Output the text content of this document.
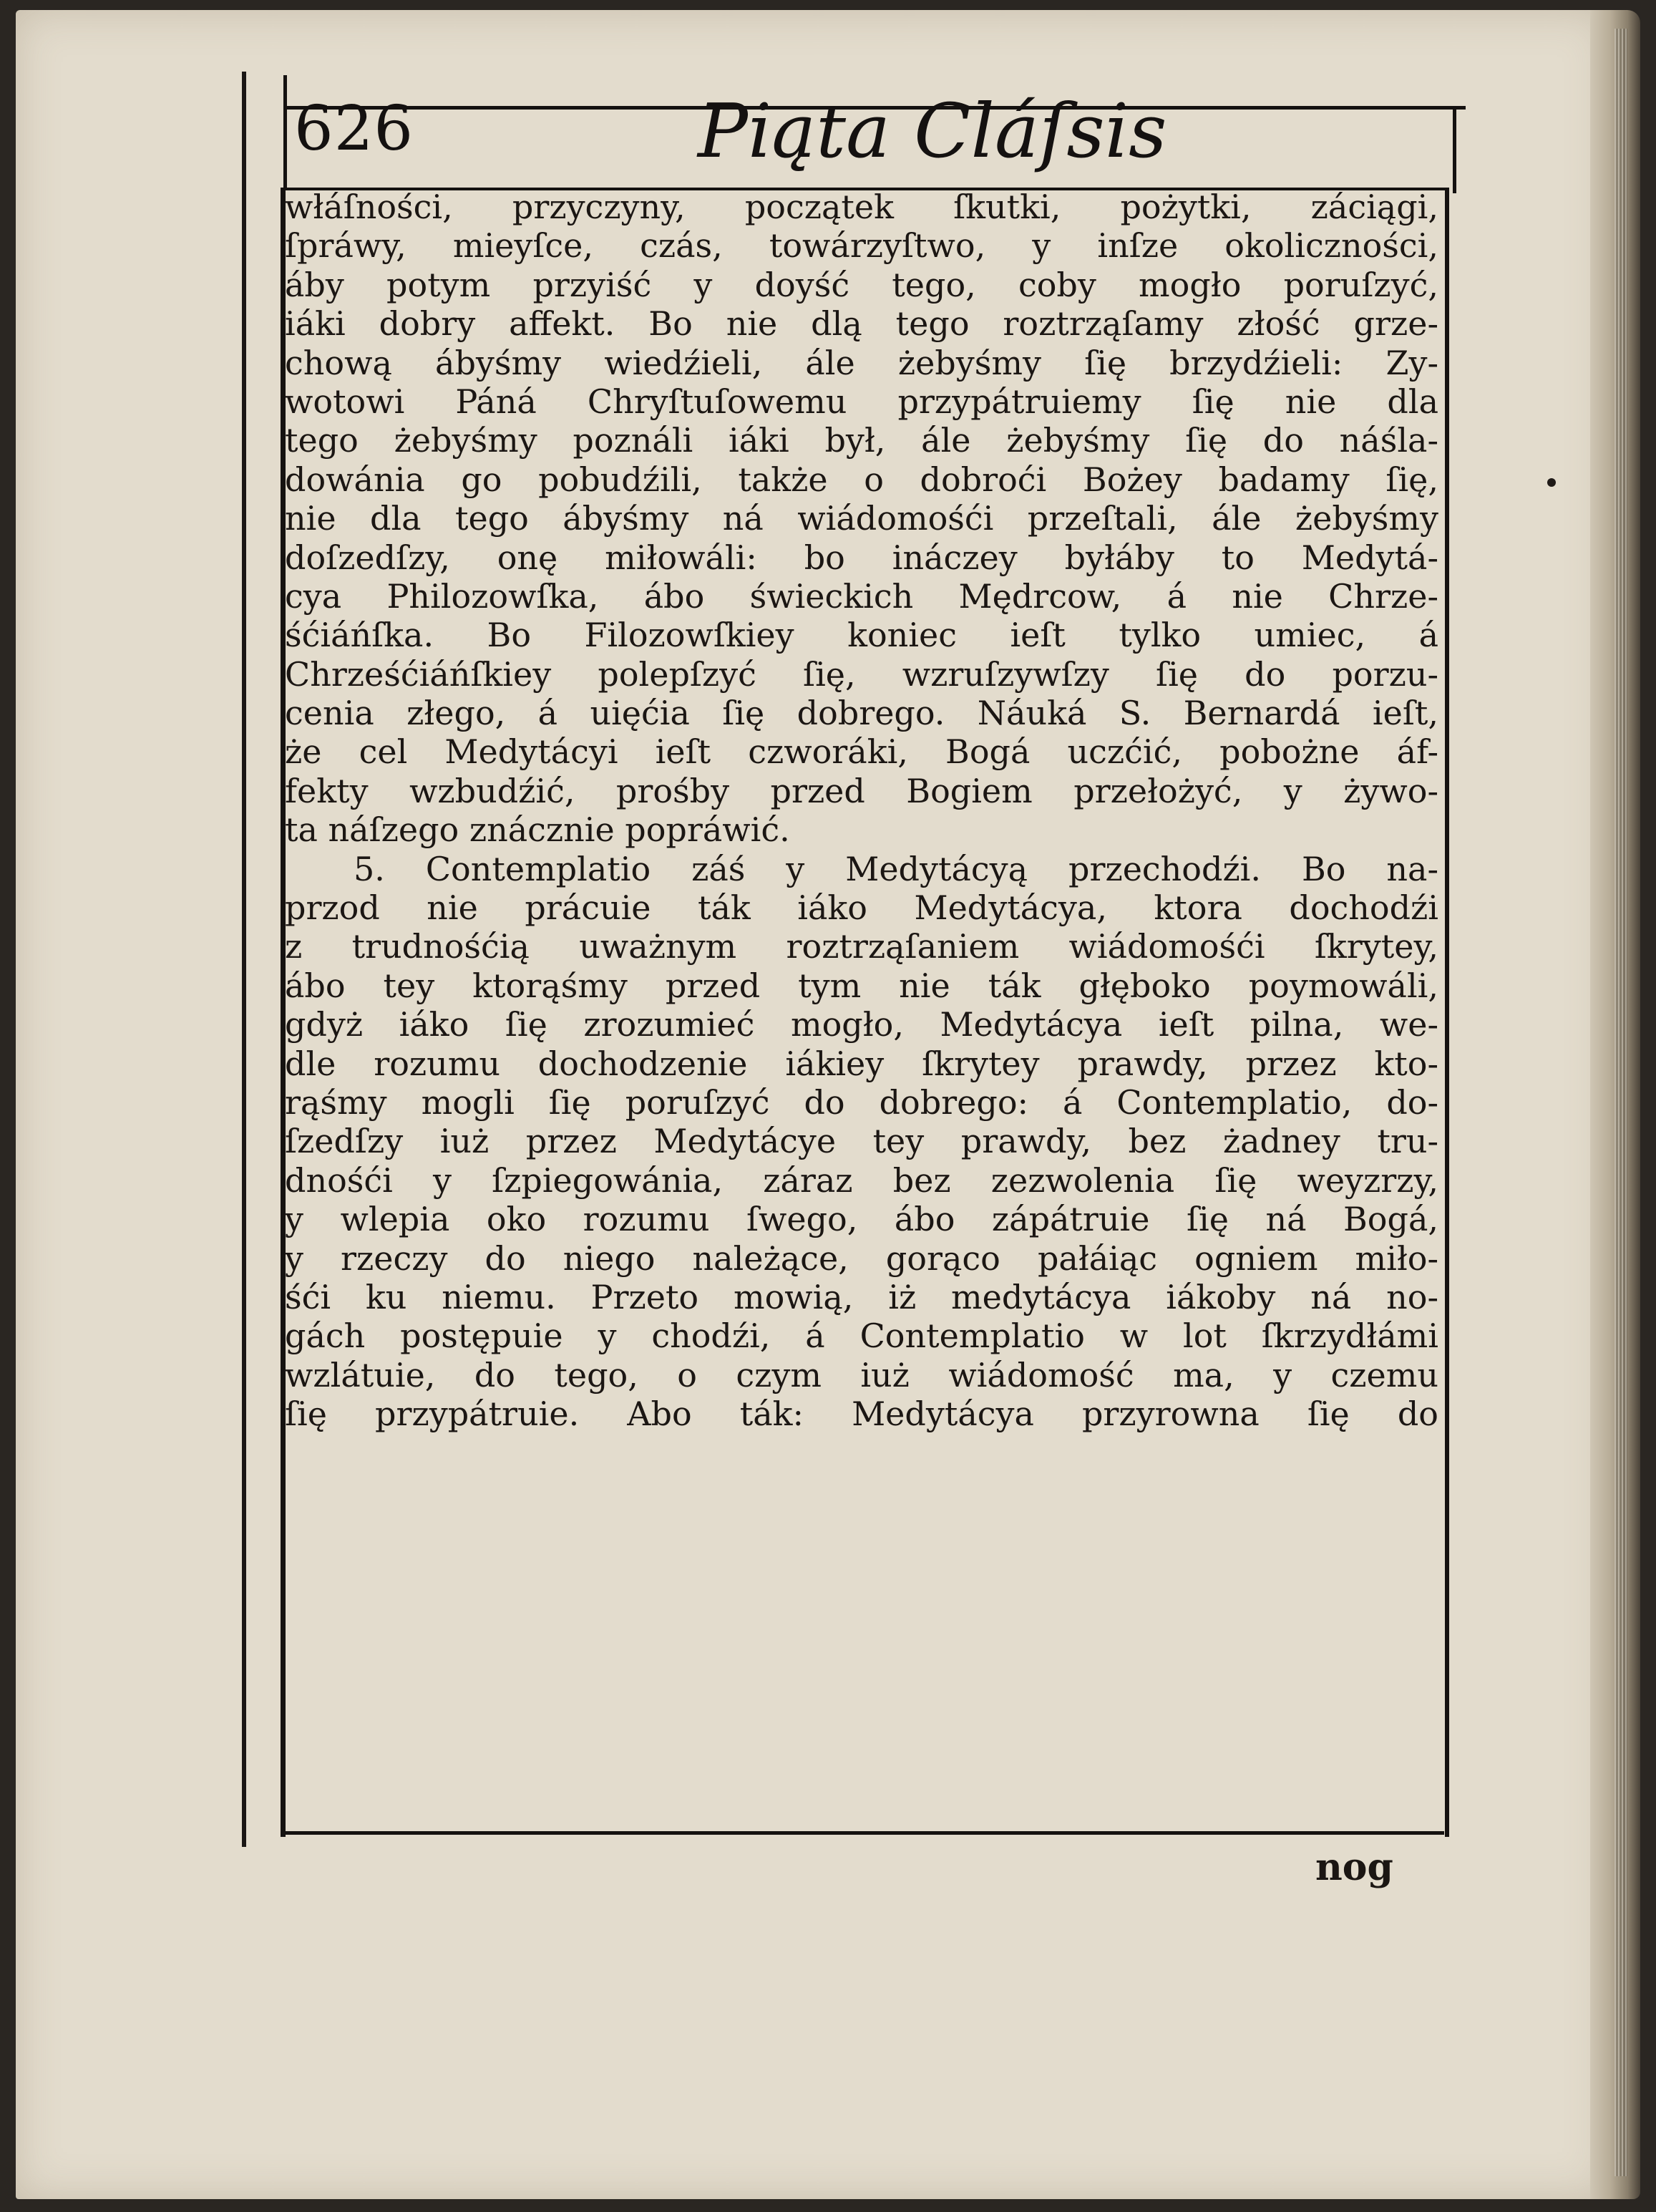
626	Piąta Cláſsis
włáſności, przyczyny, początek ſkutki, pożytki, záciągi,
ſpráwy, mieyſce, czás, towárzyſtwo, y inſze okoliczności,
áby potym przyiść y doyść tego, coby mogło poruſzyć,
iáki dobry affekt. Bo nie dlą tego roztrząſamy złość grze-
chową ábyśmy wiedźieli, ále żebyśmy ſię brzydźieli: Zy-
wotowi Páná Chryſtuſowemu przypátruiemy ſię nie dla
tego żebyśmy poználi iáki był, ále żebyśmy ſię do náśla-
dowánia go pobudźili, także o dobroći Bożey badamy ſię,
nie dla tego ábyśmy ná wiádomośći przeſtali, ále żebyśmy
doſzedſzy, onę miłowáli: bo ináczey byłáby to Medytá-
cya Philozowſka, ábo świeckich Mędrcow, á nie Chrze-
śćiáńſka. Bo Filozowſkiey koniec ieſt tylko umiec, á
Chrześćiáńſkiey polepſzyć ſię, wzruſzywſzy ſię do porzu-
cenia złego, á uięćia ſię dobrego. Náuká S. Bernardá ieſt,
że cel Medytácyi ieſt czworáki, Bogá uczćić, pobożne áf-
fekty wzbudźić, prośby przed Bogiem przełożyć, y żywo-
ta náſzego znácznie popráwić.
5. Contemplatio záś y Medytácyą przechodźi. Bo na-
przod nie prácuie ták iáko Medytácya, ktora dochodźi
z trudnośćią uważnym roztrząſaniem wiádomośći ſkrytey,
ábo tey ktorąśmy przed tym nie ták głęboko poymowáli,
gdyż iáko ſię zrozumieć mogło, Medytácya ieſt pilna, we-
dle rozumu dochodzenie iákiey ſkrytey prawdy, przez kto-
rąśmy mogli ſię poruſzyć do dobrego: á Contemplatio, do-
ſzedſzy iuż przez Medytácye tey prawdy, bez żadney tru-
dnośći y ſzpiegowánia, záraz bez zezwolenia ſię weyzrzy,
y wlepia oko rozumu ſwego, ábo zápátruie ſię ná Bogá,
y rzeczy do niego należące, gorąco pałáiąc ogniem miło-
śći ku niemu. Przeto mowią, iż medytácya iákoby ná no-
gách postępuie y chodźi, á Contemplatio w lot ſkrzydłámi
wzlátuie, do tego, o czym iuż wiádomość ma, y czemu
ſię przypátruie. Abo ták: Medytácya przyrowna ſię do
nog
